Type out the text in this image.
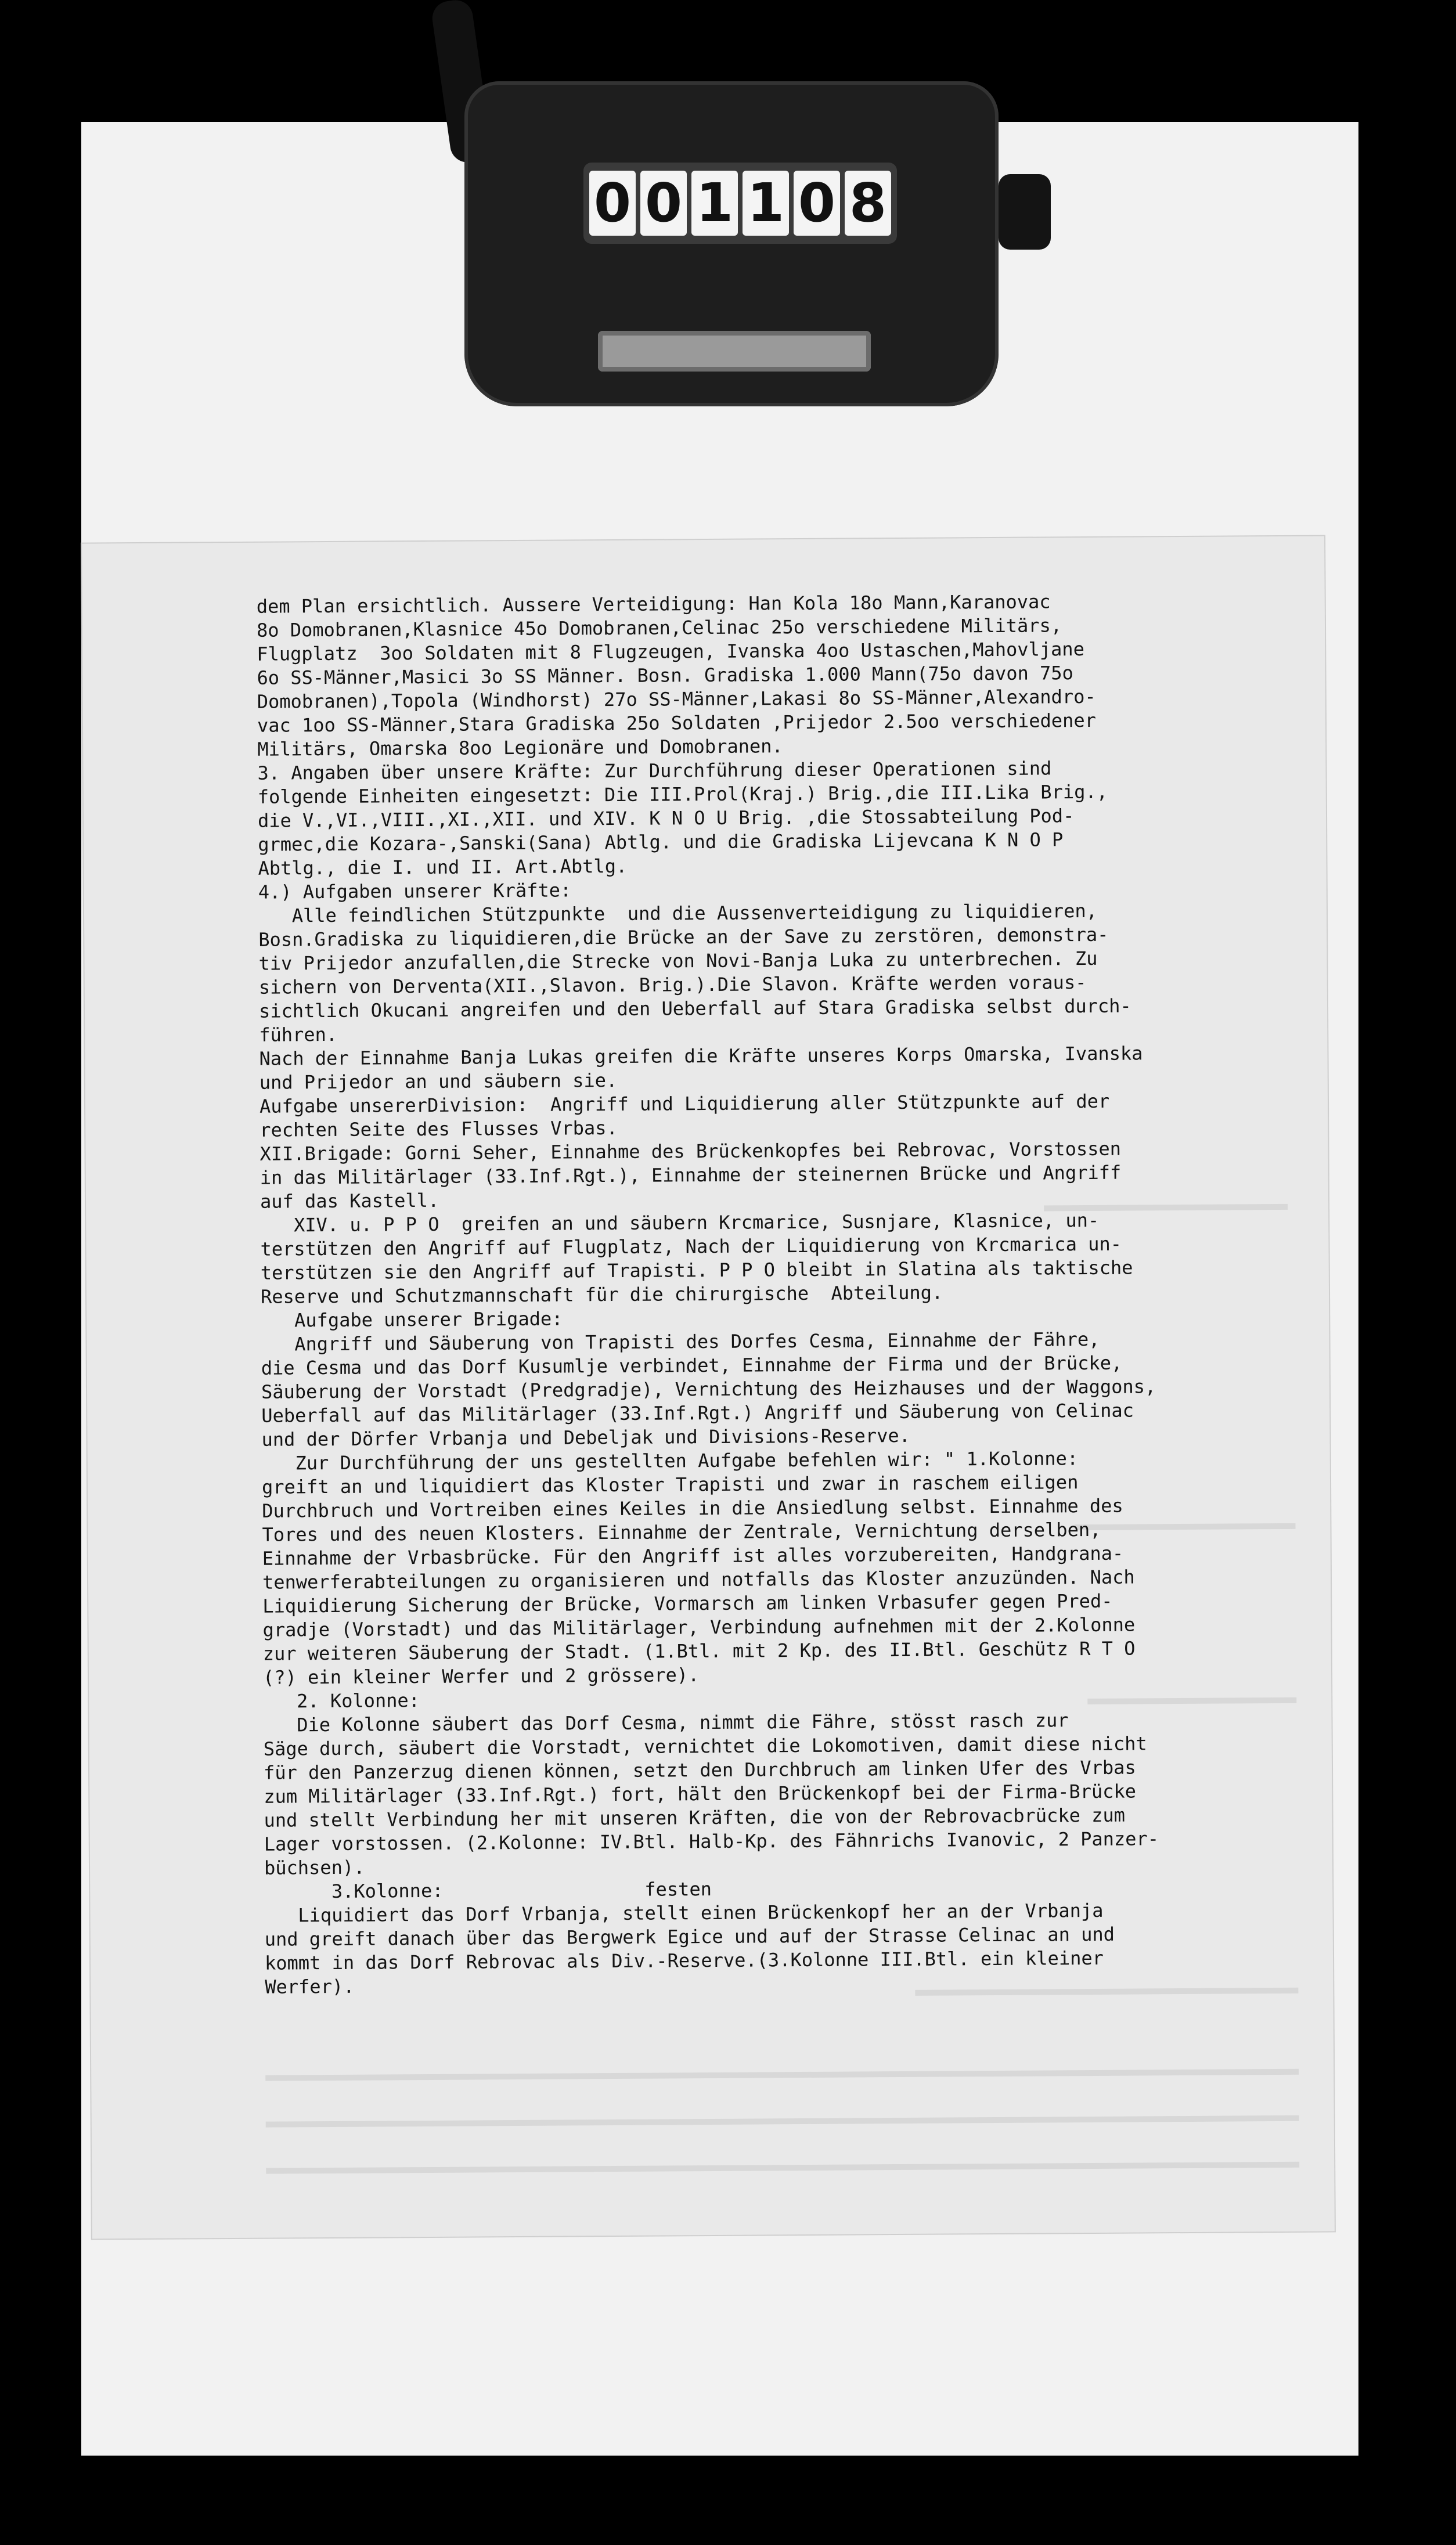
0 0 1 1 0 8
dem Plan ersichtlich. Aussere Verteidigung: Han Kola 18o Mann,Karanovac
8o Domobranen,Klasnice 45o Domobranen,Celinac 25o verschiedene Militärs,
Flugplatz  3oo Soldaten mit 8 Flugzeugen, Ivanska 4oo Ustaschen,Mahovljane
6o SS-Männer,Masici 3o SS Männer. Bosn. Gradiska 1.000 Mann(75o davon 75o
Domobranen),Topola (Windhorst) 27o SS-Männer,Lakasi 8o SS-Männer,Alexandro-
vac 1oo SS-Männer,Stara Gradiska 25o Soldaten ,Prijedor 2.5oo verschiedener
Militärs, Omarska 8oo Legionäre und Domobranen.
3. Angaben über unsere Kräfte: Zur Durchführung dieser Operationen sind
folgende Einheiten eingesetzt: Die III.Prol(Kraj.) Brig.,die III.Lika Brig.,
die V.,VI.,VIII.,XI.,XII. und XIV. K N O U Brig. ,die Stossabteilung Pod-
grmec,die Kozara-,Sanski(Sana) Abtlg. und die Gradiska Lijevcana K N O P
Abtlg., die I. und II. Art.Abtlg.
4.) Aufgaben unserer Kräfte:
Alle feindlichen Stützpunkte  und die Aussenverteidigung zu liquidieren,
Bosn.Gradiska zu liquidieren,die Brücke an der Save zu zerstören, demonstra-
tiv Prijedor anzufallen,die Strecke von Novi-Banja Luka zu unterbrechen. Zu
sichern von Derventa(XII.,Slavon. Brig.).Die Slavon. Kräfte werden voraus-
sichtlich Okucani angreifen und den Ueberfall auf Stara Gradiska selbst durch-
führen.
Nach der Einnahme Banja Lukas greifen die Kräfte unseres Korps Omarska, Ivanska
und Prijedor an und säubern sie.
Aufgabe unsererDivision:  Angriff und Liquidierung aller Stützpunkte auf der
rechten Seite des Flusses Vrbas.
XII.Brigade: Gorni Seher, Einnahme des Brückenkopfes bei Rebrovac, Vorstossen
in das Militärlager (33.Inf.Rgt.), Einnahme der steinernen Brücke und Angriff
auf das Kastell.
XIV. u. P P O  greifen an und säubern Krcmarice, Susnjare, Klasnice, un-
terstützen den Angriff auf Flugplatz, Nach der Liquidierung von Krcmarica un-
terstützen sie den Angriff auf Trapisti. P P O bleibt in Slatina als taktische
Reserve und Schutzmannschaft für die chirurgische  Abteilung.
Aufgabe unserer Brigade:
Angriff und Säuberung von Trapisti des Dorfes Cesma, Einnahme der Fähre,
die Cesma und das Dorf Kusumlje verbindet, Einnahme der Firma und der Brücke,
Säuberung der Vorstadt (Predgradje), Vernichtung des Heizhauses und der Waggons,
Ueberfall auf das Militärlager (33.Inf.Rgt.) Angriff und Säuberung von Celinac
und der Dörfer Vrbanja und Debeljak und Divisions-Reserve.
Zur Durchführung der uns gestellten Aufgabe befehlen wir: " 1.Kolonne:
greift an und liquidiert das Kloster Trapisti und zwar in raschem eiligen
Durchbruch und Vortreiben eines Keiles in die Ansiedlung selbst. Einnahme des
Tores und des neuen Klosters. Einnahme der Zentrale, Vernichtung derselben,
Einnahme der Vrbasbrücke. Für den Angriff ist alles vorzubereiten, Handgrana-
tenwerferabteilungen zu organisieren und notfalls das Kloster anzuzünden. Nach
Liquidierung Sicherung der Brücke, Vormarsch am linken Vrbasufer gegen Pred-
gradje (Vorstadt) und das Militärlager, Verbindung aufnehmen mit der 2.Kolonne
zur weiteren Säuberung der Stadt. (1.Btl. mit 2 Kp. des II.Btl. Geschütz R T O
(?) ein kleiner Werfer und 2 grössere).
2. Kolonne:
Die Kolonne säubert das Dorf Cesma, nimmt die Fähre, stösst rasch zur
Säge durch, säubert die Vorstadt, vernichtet die Lokomotiven, damit diese nicht
für den Panzerzug dienen können, setzt den Durchbruch am linken Ufer des Vrbas
zum Militärlager (33.Inf.Rgt.) fort, hält den Brückenkopf bei der Firma-Brücke
und stellt Verbindung her mit unseren Kräften, die von der Rebrovacbrücke zum
Lager vorstossen. (2.Kolonne: IV.Btl. Halb-Kp. des Fähnrichs Ivanovic, 2 Panzer-
büchsen).
3.Kolonne:                  festen
Liquidiert das Dorf Vrbanja, stellt einen Brückenkopf her an der Vrbanja
und greift danach über das Bergwerk Egice und auf der Strasse Celinac an und
kommt in das Dorf Rebrovac als Div.-Reserve.(3.Kolonne III.Btl. ein kleiner
Werfer).
